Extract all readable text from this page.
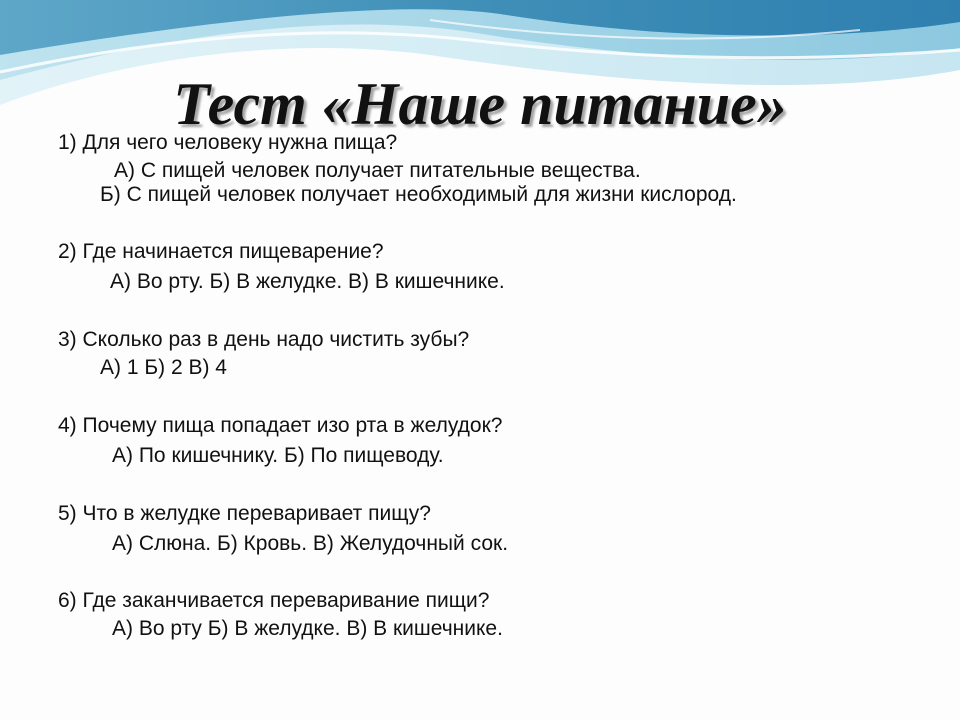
Тест «Наше питание»
1) Для чего человеку нужна пища?
А) С пищей человек получает питательные вещества.
Б) С пищей человек получает необходимый для жизни кислород.
2) Где начинается пищеварение?
А) Во рту. Б) В желудке. В) В кишечнике.
3) Сколько раз в день надо чистить зубы?
А) 1 Б) 2 В) 4
4) Почему пища попадает изо рта в желудок?
А) По кишечнику. Б) По пищеводу.
5) Что в желудке переваривает пищу?
А) Слюна. Б) Кровь. В) Желудочный сок.
6) Где заканчивается переваривание пищи?
А) Во рту Б) В желудке. В) В кишечнике.
